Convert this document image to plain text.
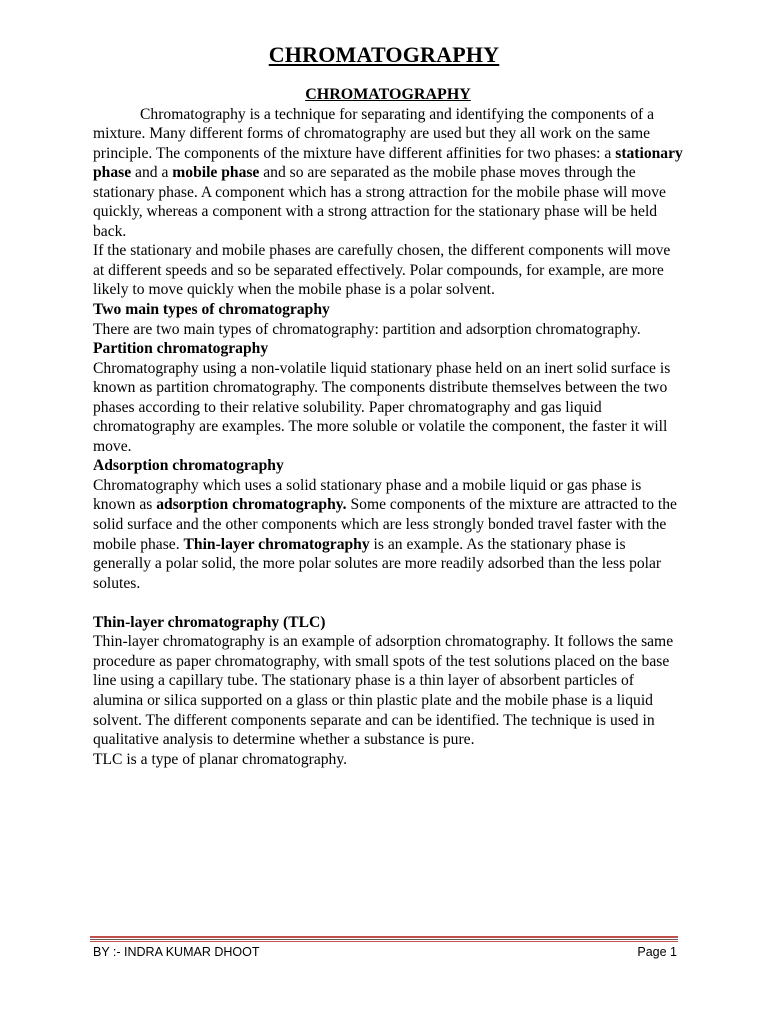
CHROMATOGRAPHY

CHROMATOGRAPHY

Chromatography is a technique for separating and identifying the components of a mixture. Many different forms of chromatography are used but they all work on the same principle. The components of the mixture have different affinities for two phases: a stationary phase and a mobile phase and so are separated as the mobile phase moves through the stationary phase. A component which has a strong attraction for the mobile phase will move quickly, whereas a component with a strong attraction for the stationary phase will be held back.

If the stationary and mobile phases are carefully chosen, the different components will move at different speeds and so be separated effectively. Polar compounds, for example, are more likely to move quickly when the mobile phase is a polar solvent.

Two main types of chromatography

There are two main types of chromatography: partition and adsorption chromatography.

Partition chromatography

Chromatography using a non-volatile liquid stationary phase held on an inert solid surface is known as partition chromatography. The components distribute themselves between the two phases according to their relative solubility. Paper chromatography and gas liquid chromatography are examples. The more soluble or volatile the component, the faster it will move.

Adsorption chromatography

Chromatography which uses a solid stationary phase and a mobile liquid or gas phase is known as adsorption chromatography. Some components of the mixture are attracted to the solid surface and the other components which are less strongly bonded travel faster with the mobile phase. Thin-layer chromatography is an example. As the stationary phase is generally a polar solid, the more polar solutes are more readily adsorbed than the less polar solutes.

Thin-layer chromatography (TLC)

Thin-layer chromatography is an example of adsorption chromatography. It follows the same procedure as paper chromatography, with small spots of the test solutions placed on the base line using a capillary tube. The stationary phase is a thin layer of absorbent particles of alumina or silica supported on a glass or thin plastic plate and the mobile phase is a liquid solvent. The different components separate and can be identified. The technique is used in qualitative analysis to determine whether a substance is pure.

TLC is a type of planar chromatography.

BY :- INDRA KUMAR DHOOT	Page 1
